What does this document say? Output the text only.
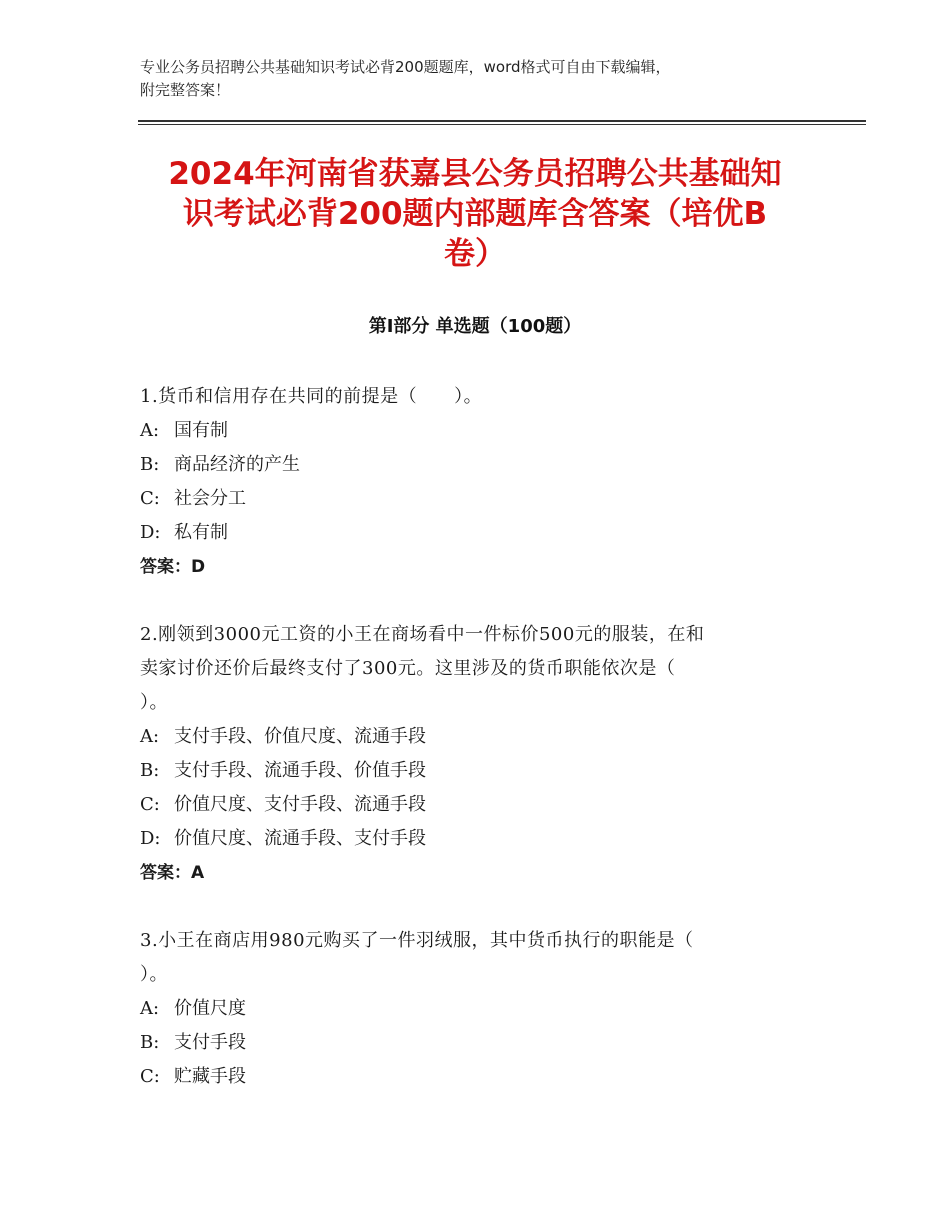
专业公务员招聘公共基础知识考试必背200题题库，word格式可自由下载编辑，
附完整答案！
2024年河南省获嘉县公务员招聘公共基础知
识考试必背200题内部题库含答案（培优B
卷）
第Ⅰ部分 单选题（100题）

1.货币和信用存在共同的前提是（　　）。

A: 国有制

B: 商品经济的产生

C: 社会分工

D: 私有制

答案：D

2.刚领到3000元工资的小王在商场看中一件标价500元的服装，在和

卖家讨价还价后最终支付了300元。这里涉及的货币职能依次是（

）。

A: 支付手段、价值尺度、流通手段

B: 支付手段、流通手段、价值手段

C: 价值尺度、支付手段、流通手段

D: 价值尺度、流通手段、支付手段

答案：A

3.小王在商店用980元购买了一件羽绒服，其中货币执行的职能是（

）。

A: 价值尺度

B: 支付手段

C: 贮藏手段
